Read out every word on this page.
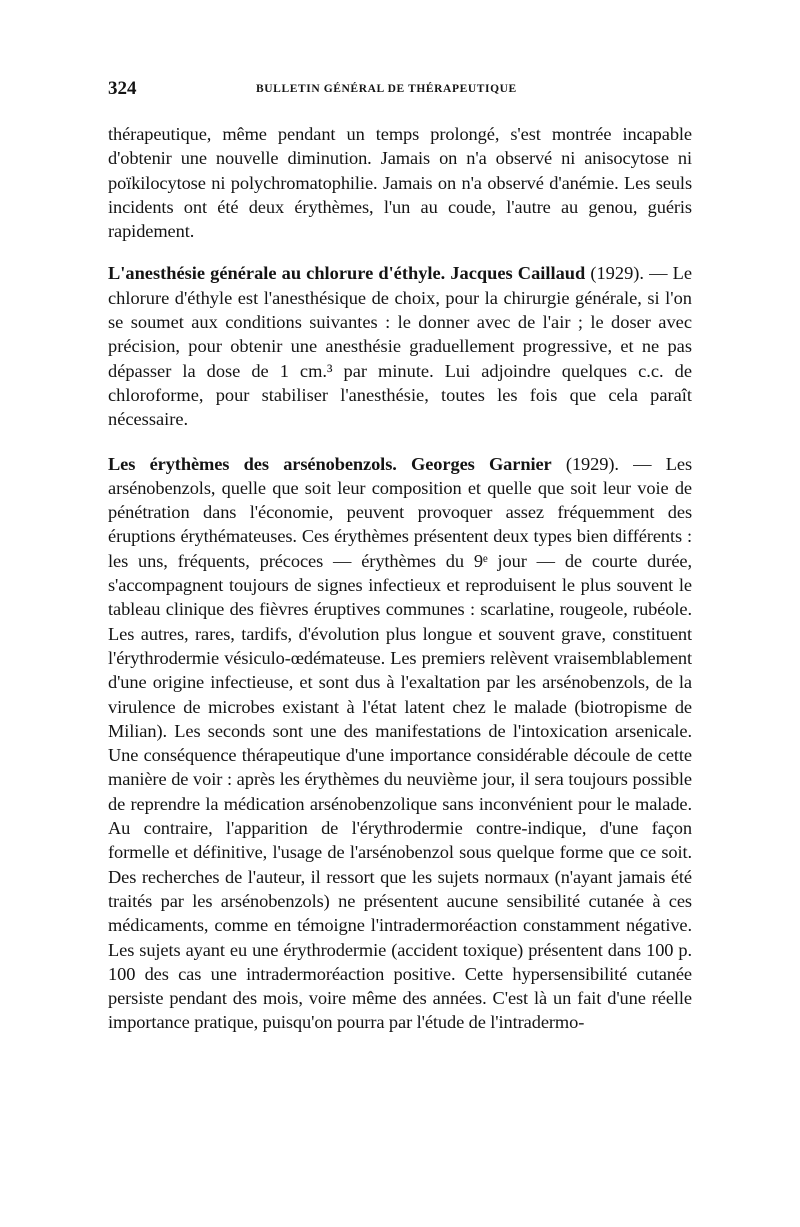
324	BULLETIN GÉNÉRAL DE THÉRAPEUTIQUE

thérapeutique, même pendant un temps prolongé, s'est montrée incapable d'obtenir une nouvelle diminution. Jamais on n'a observé ni anisocytose ni poïkilocytose ni polychromatophilie. Jamais on n'a observé d'anémie. Les seuls incidents ont été deux érythèmes, l'un au coude, l'autre au genou, guéris rapidement.

L'anesthésie générale au chlorure d'éthyle. Jacques Caillaud (1929). — Le chlorure d'éthyle est l'anesthésique de choix, pour la chirurgie générale, si l'on se soumet aux conditions suivantes : le donner avec de l'air ; le doser avec précision, pour obtenir une anesthésie graduellement progressive, et ne pas dépasser la dose de 1 cm.³ par minute. Lui adjoindre quelques c.c. de chloroforme, pour stabiliser l'anesthésie, toutes les fois que cela paraît nécessaire.

Les érythèmes des arsénobenzols. Georges Garnier (1929). — Les arsénobenzols, quelle que soit leur composition et quelle que soit leur voie de pénétration dans l'économie, peuvent provoquer assez fréquemment des éruptions érythémateuses. Ces érythèmes présentent deux types bien différents : les uns, fréquents, précoces — érythèmes du 9ᵉ jour — de courte durée, s'accompagnent toujours de signes infectieux et reproduisent le plus souvent le tableau clinique des fièvres éruptives communes : scarlatine, rougeole, rubéole. Les autres, rares, tardifs, d'évolution plus longue et souvent grave, constituent l'érythrodermie vésiculo-œdémateuse. Les premiers relèvent vraisemblablement d'une origine infectieuse, et sont dus à l'exaltation par les arsénobenzols, de la virulence de microbes existant à l'état latent chez le malade (biotropisme de Milian). Les seconds sont une des manifestations de l'intoxication arsenicale. Une conséquence thérapeutique d'une importance considérable découle de cette manière de voir : après les érythèmes du neuvième jour, il sera toujours possible de reprendre la médication arsénobenzolique sans inconvénient pour le malade. Au contraire, l'apparition de l'érythrodermie contre-indique, d'une façon formelle et définitive, l'usage de l'arsénobenzol sous quelque forme que ce soit. Des recherches de l'auteur, il ressort que les sujets normaux (n'ayant jamais été traités par les arsénobenzols) ne présentent aucune sensibilité cutanée à ces médicaments, comme en témoigne l'intradermoréaction constamment négative. Les sujets ayant eu une érythrodermie (accident toxique) présentent dans 100 p. 100 des cas une intradermoréaction positive. Cette hypersensibilité cutanée persiste pendant des mois, voire même des années. C'est là un fait d'une réelle importance pratique, puisqu'on pourra par l'étude de l'intradermo-
